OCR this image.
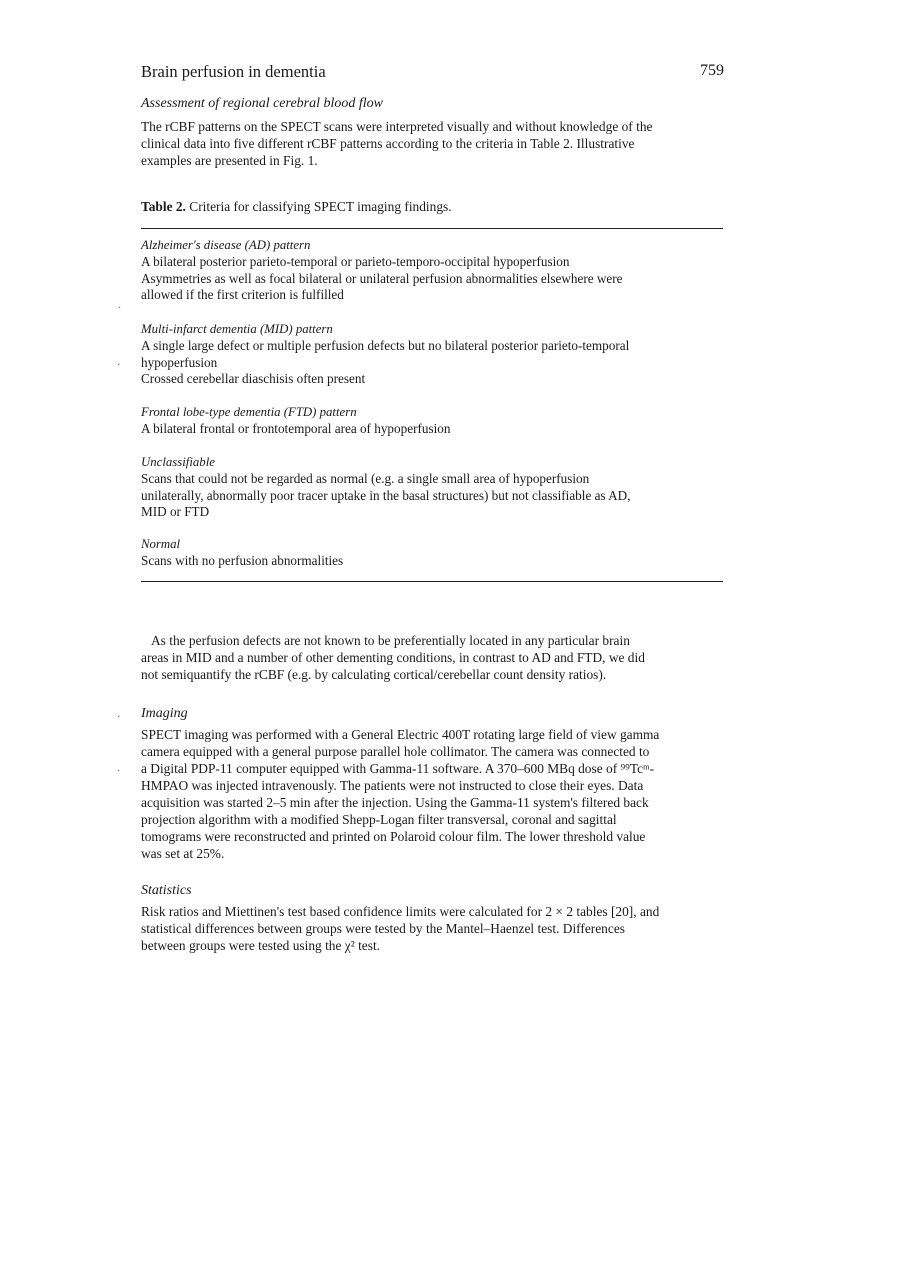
Brain perfusion in dementia	759
Assessment of regional cerebral blood flow

The rCBF patterns on the SPECT scans were interpreted visually and without knowledge of the

clinical data into five different rCBF patterns according to the criteria in Table 2. Illustrative

examples are presented in Fig. 1.

Table 2. Criteria for classifying SPECT imaging findings.
Alzheimer's disease (AD) pattern
A bilateral posterior parieto-temporal or parieto-temporo-occipital hypoperfusion
Asymmetries as well as focal bilateral or unilateral perfusion abnormalities elsewhere were
allowed if the first criterion is fulfilled
Multi-infarct dementia (MID) pattern
A single large defect or multiple perfusion defects but no bilateral posterior parieto-temporal
hypoperfusion
Crossed cerebellar diaschisis often present
Frontal lobe-type dementia (FTD) pattern
A bilateral frontal or frontotemporal area of hypoperfusion
Unclassifiable
Scans that could not be regarded as normal (e.g. a single small area of hypoperfusion
unilaterally, abnormally poor tracer uptake in the basal structures) but not classifiable as AD,
MID or FTD
Normal
Scans with no perfusion abnormalities

As the perfusion defects are not known to be preferentially located in any particular brain

areas in MID and a number of other dementing conditions, in contrast to AD and FTD, we did

not semiquantify the rCBF (e.g. by calculating cortical/cerebellar count density ratios).

Imaging

SPECT imaging was performed with a General Electric 400T rotating large field of view gamma

camera equipped with a general purpose parallel hole collimator. The camera was connected to

a Digital PDP-11 computer equipped with Gamma-11 software. A 370–600 MBq dose of ⁹⁹Tcᵐ-

HMPAO was injected intravenously. The patients were not instructed to close their eyes. Data

acquisition was started 2–5 min after the injection. Using the Gamma-11 system's filtered back

projection algorithm with a modified Shepp-Logan filter transversal, coronal and sagittal

tomograms were reconstructed and printed on Polaroid colour film. The lower threshold value

was set at 25%.

Statistics

Risk ratios and Miettinen's test based confidence limits were calculated for 2 × 2 tables [20], and

statistical differences between groups were tested by the Mantel–Haenzel test. Differences

between groups were tested using the χ² test.

·
·
·
·
